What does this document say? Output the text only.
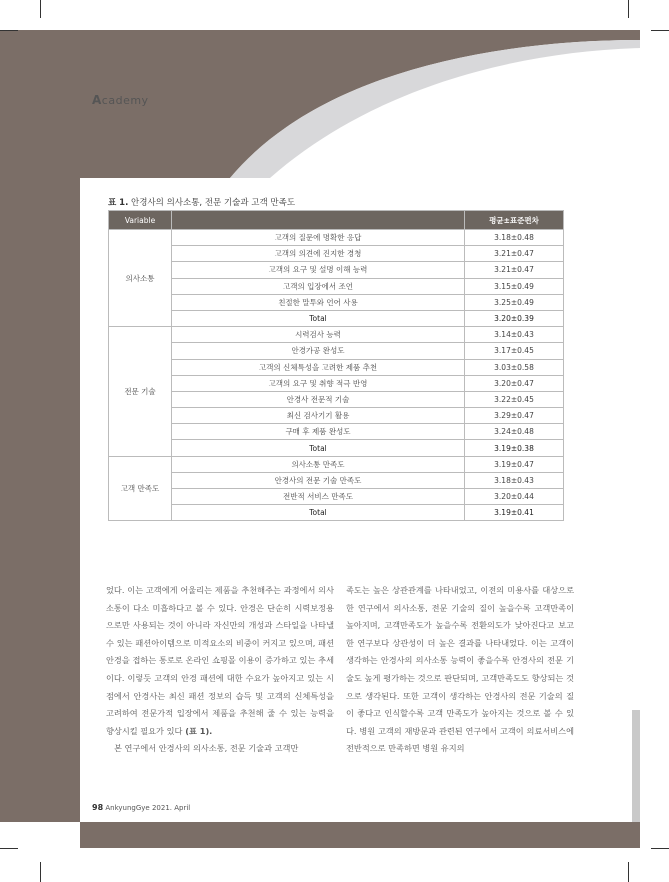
Academy
표 1. 안경사의 의사소통, 전문 기술과 고객 만족도
Variable		평균±표준편차
의사소통	고객의 질문에 명확한 응답	3.18±0.48
	고객의 의견에 진지한 경청	3.21±0.47
	고객의 요구 및 설명 이해 능력	3.21±0.47
	고객의 입장에서 조언	3.15±0.49
	친절한 말투와 언어 사용	3.25±0.49
	Total	3.20±0.39
전문 기술	시력검사 능력	3.14±0.43
	안경가공 완성도	3.17±0.45
	고객의 신체특성을 고려한 제품 추천	3.03±0.58
	고객의 요구 및 취향 적극 반영	3.20±0.47
	안경사 전문적 기술	3.22±0.45
	최신 검사기기 활용	3.29±0.47
	구매 후 제품 완성도	3.24±0.48
	Total	3.19±0.38
고객 만족도	의사소통 만족도	3.19±0.47
	안경사의 전문 기술 만족도	3.18±0.43
	전반적 서비스 만족도	3.20±0.44
	Total	3.19±0.41

었다. 이는 고객에게 어울리는 제품을 추천해주는 과정에서 의사소통이 다소 미흡하다고 볼 수 있다. 안경은 단순히 시력보정용으로만 사용되는 것이 아니라 자신만의 개성과 스타일을 나타낼 수 있는 패션아이템으로 미적요소의 비중이 커지고 있으며, 패션 안경을 접하는 통로로 온라인 쇼핑몰 이용이 증가하고 있는 추세이다. 이렇듯 고객의 안경 패션에 대한 수요가 높아지고 있는 시점에서 안경사는 최신 패션 정보의 습득 및 고객의 신체특성을 고려하여 전문가적 입장에서 제품을 추천해 줄 수 있는 능력을 향상시킬 필요가 있다 (표 1).

본 연구에서 안경사의 의사소통, 전문 기술과 고객만

족도는 높은 상관관계를 나타내었고, 이전의 미용사를 대상으로 한 연구에서 의사소통, 전문 기술의 질이 높을수록 고객만족이 높아지며, 고객만족도가 높을수록 전환의도가 낮아진다고 보고한 연구보다 상관성이 더 높은 결과를 나타내었다. 이는 고객이 생각하는 안경사의 의사소통 능력이 좋을수록 안경사의 전문 기술도 높게 평가하는 것으로 판단되며, 고객만족도도 향상되는 것으로 생각된다. 또한 고객이 생각하는 안경사의 전문 기술의 질이 좋다고 인식할수록 고객 만족도가 높아지는 것으로 볼 수 있다. 병원 고객의 재방문과 관련된 연구에서 고객이 의료서비스에 전반적으로 만족하면 병원 유지의

98 AnkyungGye 2021. April
